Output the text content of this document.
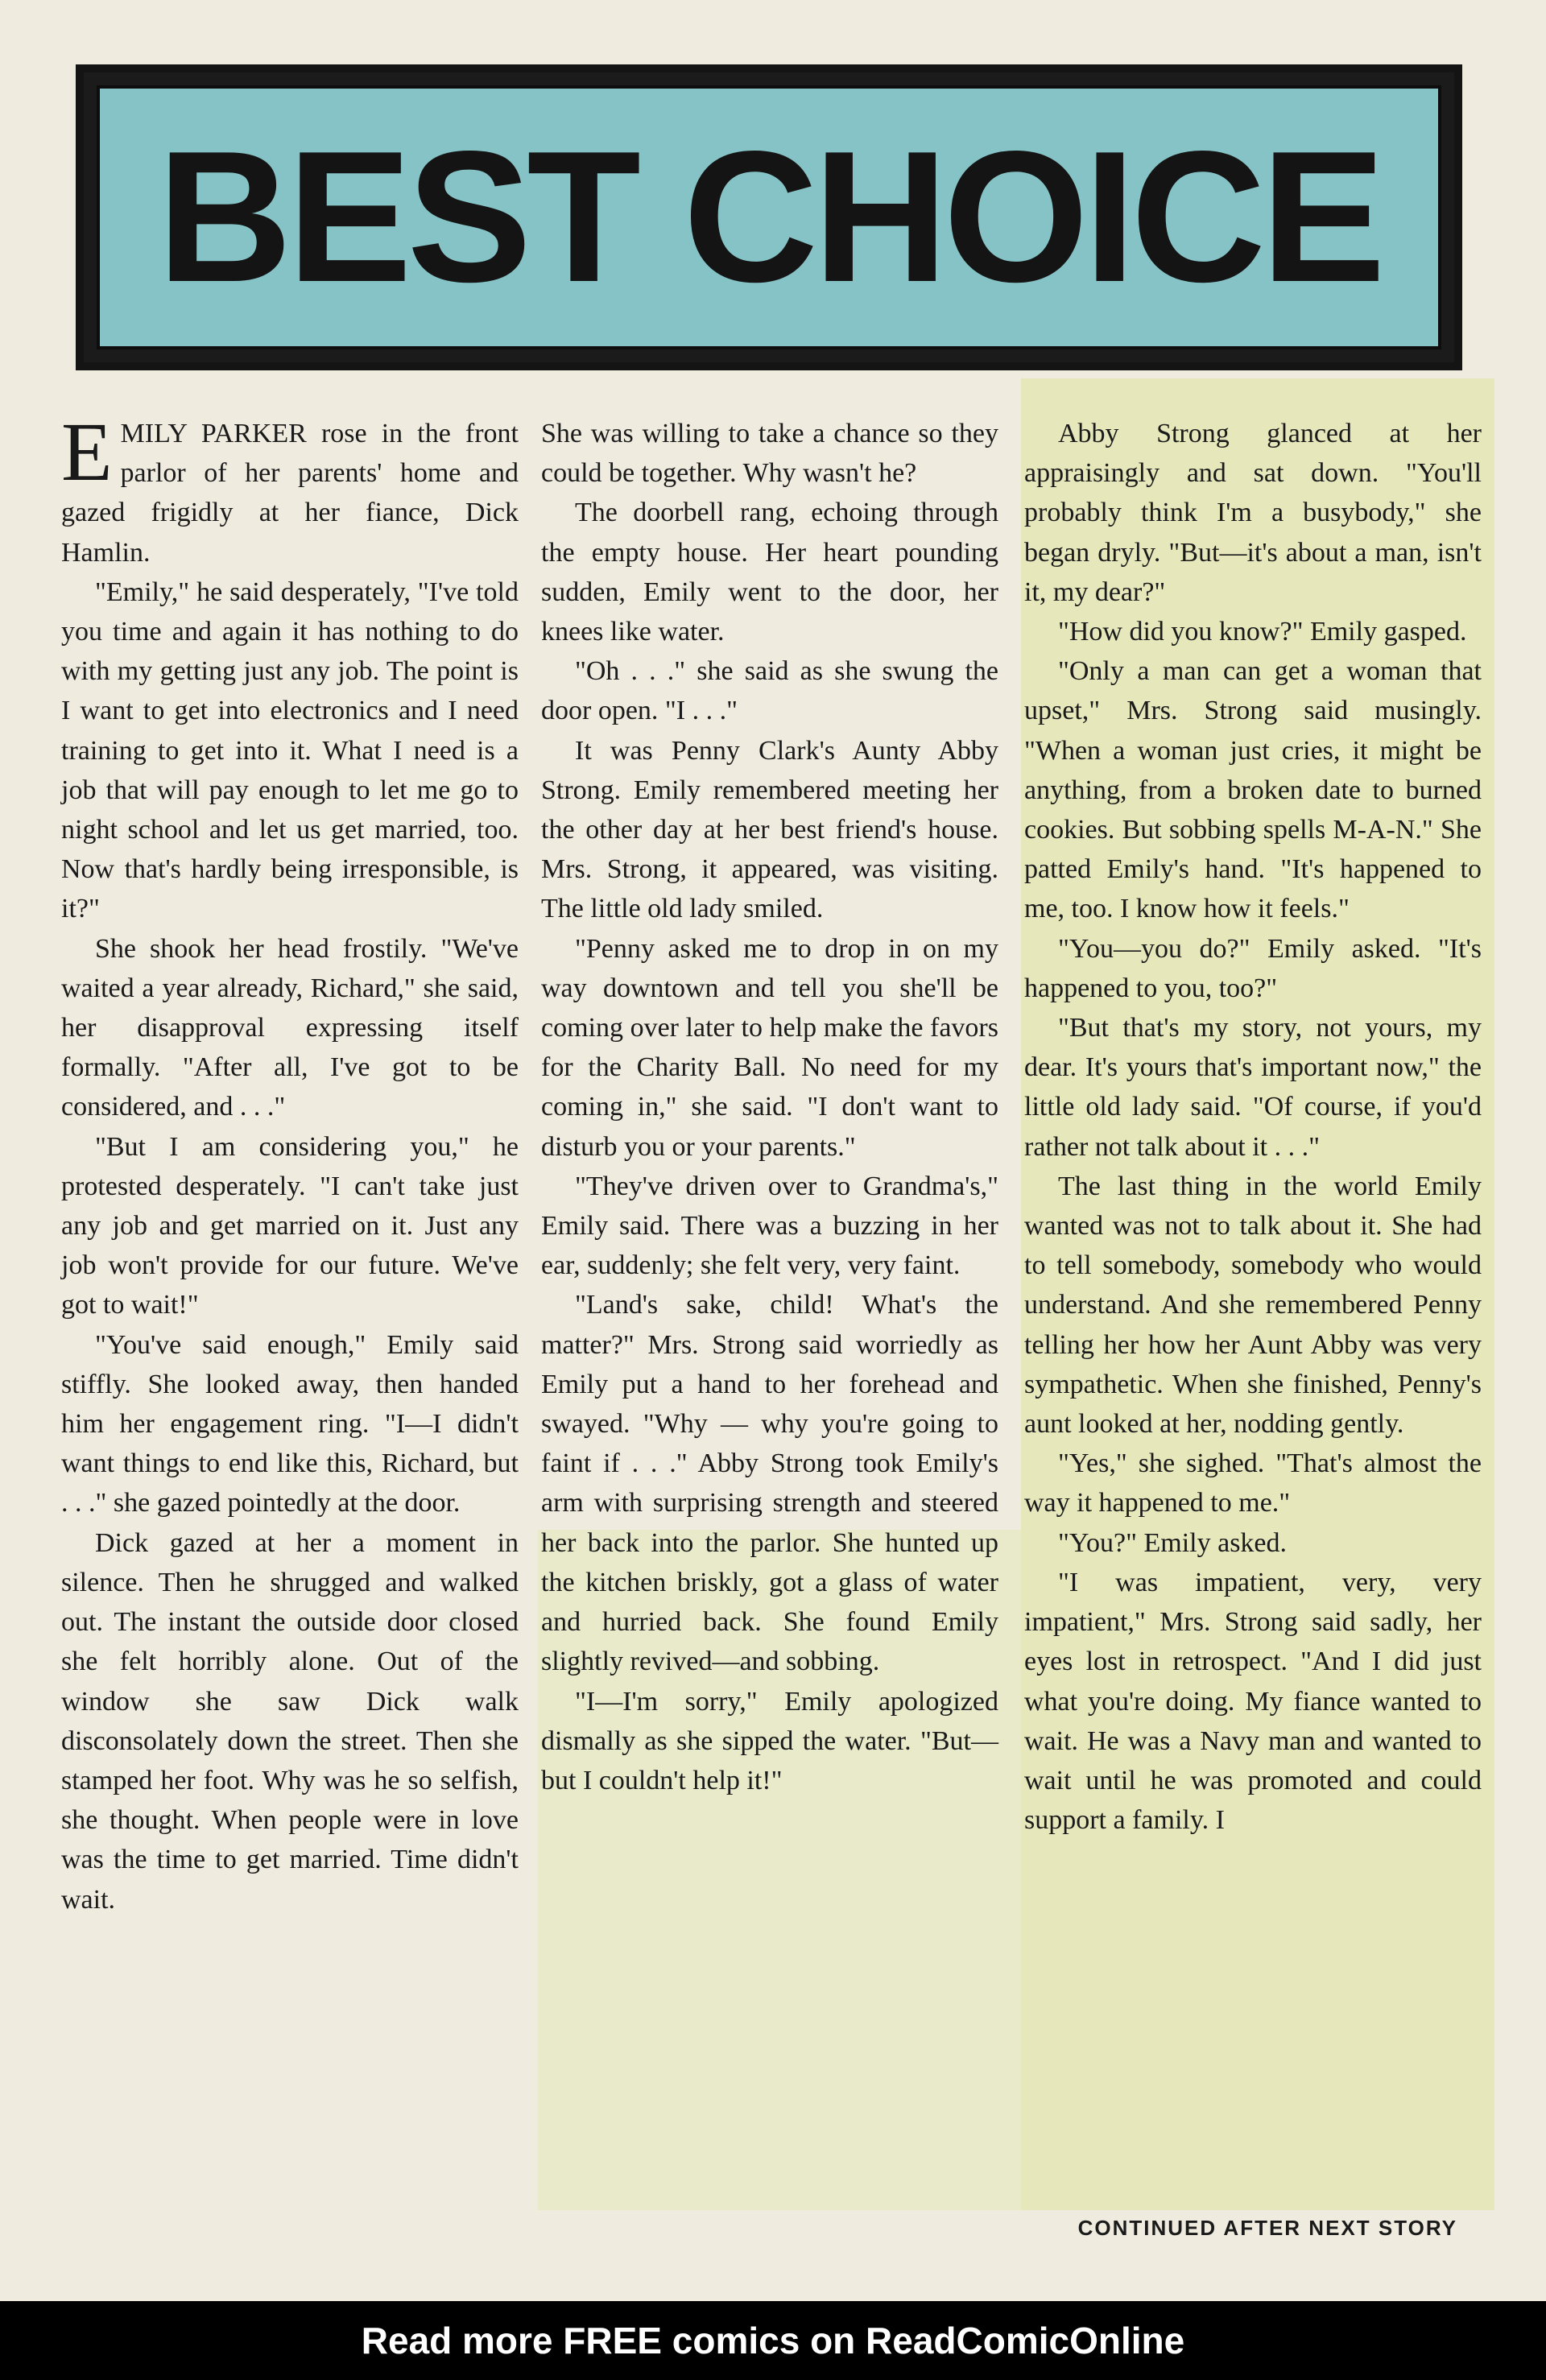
BEST CHOICE

EMILY PARKER rose in the front parlor of her parents' home and gazed frigidly at her fiance, Dick Hamlin.

"Emily," he said desperately, "I've told you time and again it has nothing to do with my getting just any job. The point is I want to get into electronics and I need training to get into it. What I need is a job that will pay enough to let me go to night school and let us get married, too. Now that's hardly being irresponsible, is it?"

She shook her head frostily. "We've waited a year already, Richard," she said, her disapproval expressing itself formally. "After all, I've got to be considered, and . . ."

"But I am considering you," he protested desperately. "I can't take just any job and get married on it. Just any job won't provide for our future. We've got to wait!"

"You've said enough," Emily said stiffly. She looked away, then handed him her engagement ring. "I—I didn't want things to end like this, Richard, but . . ." she gazed pointedly at the door.

Dick gazed at her a moment in silence. Then he shrugged and walked out. The instant the outside door closed she felt horribly alone. Out of the window she saw Dick walk disconsolately down the street. Then she stamped her foot. Why was he so selfish, she thought. When people were in love was the time to get married. Time didn't wait.

She was willing to take a chance so they could be together. Why wasn't he?

The doorbell rang, echoing through the empty house. Her heart pounding sudden, Emily went to the door, her knees like water.

"Oh . . ." she said as she swung the door open. "I . . ."

It was Penny Clark's Aunty Abby Strong. Emily remembered meeting her the other day at her best friend's house. Mrs. Strong, it appeared, was visiting. The little old lady smiled.

"Penny asked me to drop in on my way downtown and tell you she'll be coming over later to help make the favors for the Charity Ball. No need for my coming in," she said. "I don't want to disturb you or your parents."

"They've driven over to Grandma's," Emily said. There was a buzzing in her ear, suddenly; she felt very, very faint.

"Land's sake, child! What's the matter?" Mrs. Strong said worriedly as Emily put a hand to her forehead and swayed. "Why — why you're going to faint if . . ." Abby Strong took Emily's arm with surprising strength and steered her back into the parlor. She hunted up the kitchen briskly, got a glass of water and hurried back. She found Emily slightly revived—and sobbing.

"I—I'm sorry," Emily apologized dismally as she sipped the water. "But—but I couldn't help it!"

Abby Strong glanced at her appraisingly and sat down. "You'll probably think I'm a busybody," she began dryly. "But—it's about a man, isn't it, my dear?"

"How did you know?" Emily gasped.

"Only a man can get a woman that upset," Mrs. Strong said musingly. "When a woman just cries, it might be anything, from a broken date to burned cookies. But sobbing spells M-A-N." She patted Emily's hand. "It's happened to me, too. I know how it feels."

"You—you do?" Emily asked. "It's happened to you, too?"

"But that's my story, not yours, my dear. It's yours that's important now," the little old lady said. "Of course, if you'd rather not talk about it . . ."

The last thing in the world Emily wanted was not to talk about it. She had to tell somebody, somebody who would understand. And she remembered Penny telling her how her Aunt Abby was very sympathetic. When she finished, Penny's aunt looked at her, nodding gently.

"Yes," she sighed. "That's almost the way it happened to me."

"You?" Emily asked.

"I was impatient, very, very impatient," Mrs. Strong said sadly, her eyes lost in retrospect. "And I did just what you're doing. My fiance wanted to wait. He was a Navy man and wanted to wait until he was promoted and could support a family. I

CONTINUED AFTER NEXT STORY
Read more FREE comics on ReadComicOnline
